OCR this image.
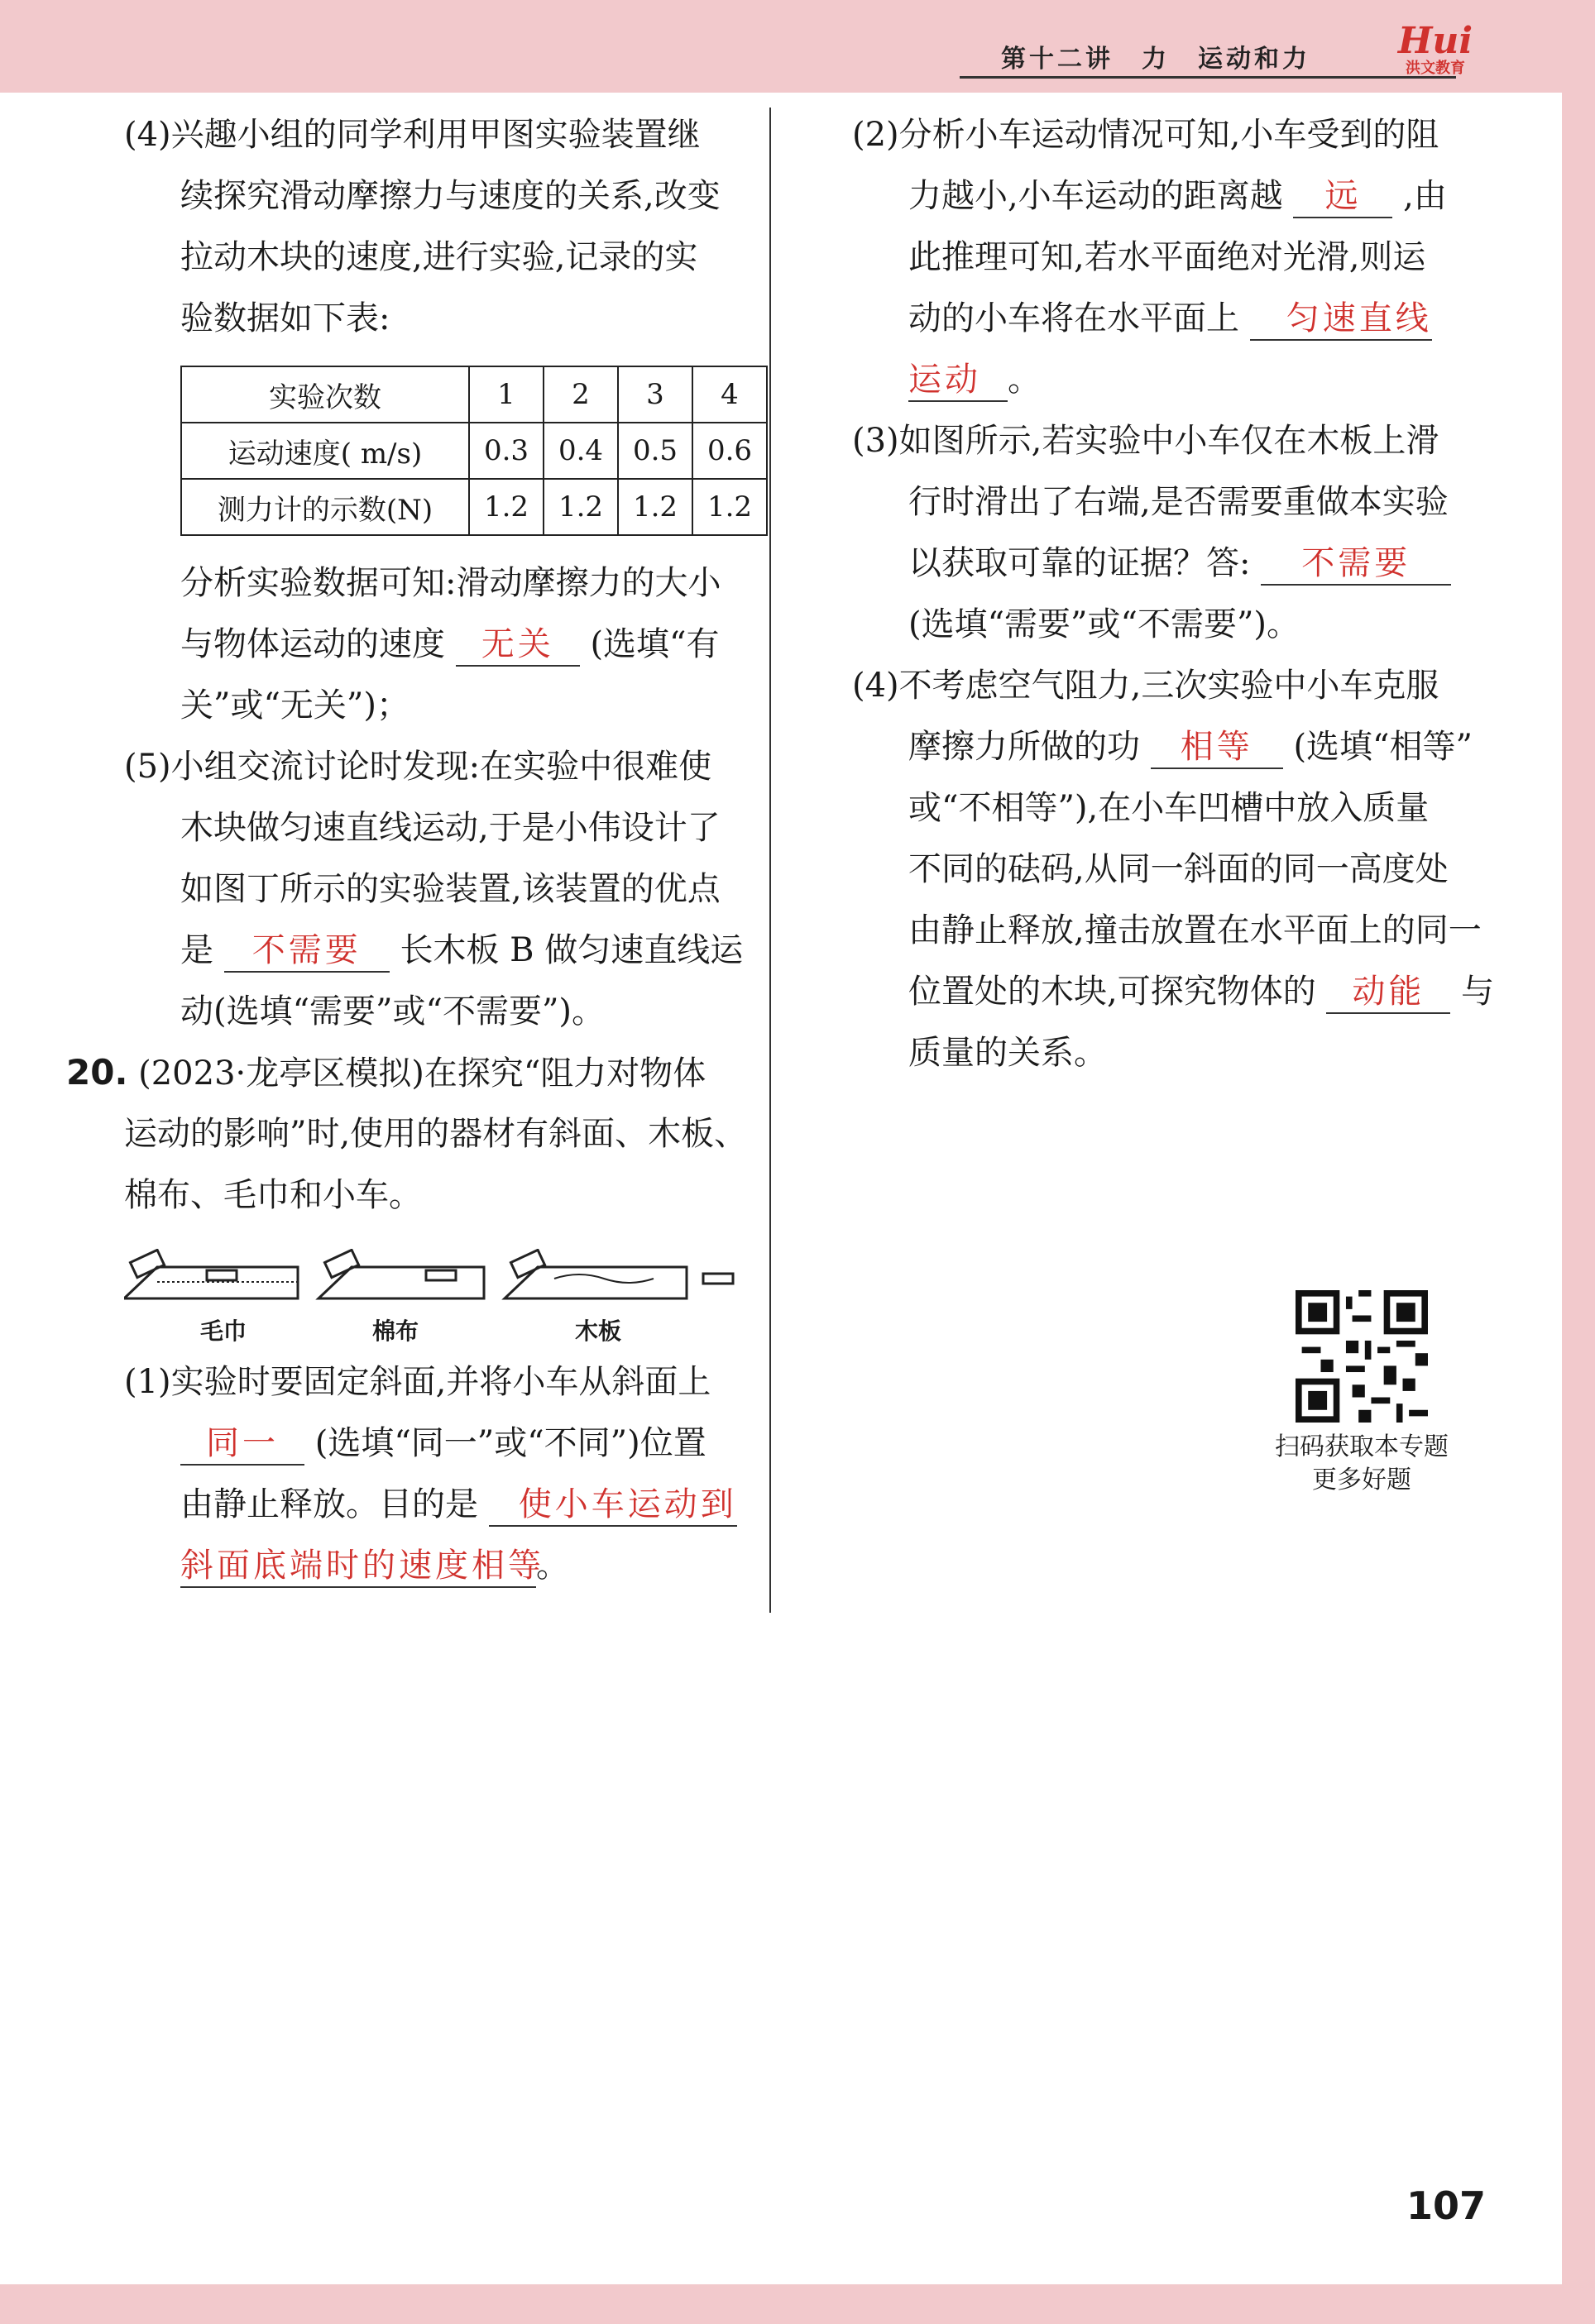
第十二讲　力　运动和力 Hui
洪文教育
(4)兴趣小组的同学利用甲图实验装置继
续探究滑动摩擦力与速度的关系,改变
拉动木块的速度,进行实验,记录的实
验数据如下表:
实验次数	1	2	3	4
运动速度( m/s)	0.3	0.4	0.5	0.6
测力计的示数(N)	1.2	1.2	1.2	1.2
分析实验数据可知:滑动摩擦力的大小
与物体运动的速度 无关 (选填“有
关”或“无关”)；
(5)小组交流讨论时发现:在实验中很难使
木块做匀速直线运动,于是小伟设计了
如图丁所示的实验装置,该装置的优点
是 不需要 长木板 B 做匀速直线运
动(选填“需要”或“不需要”)。
20. (2023·龙亭区模拟)在探究“阻力对物体
运动的影响”时,使用的器材有斜面、木板、
棉布、毛巾和小车。
毛巾	棉布	木板
(1)实验时要固定斜面,并将小车从斜面上
同一 (选填“同一”或“不同”)位置
由静止释放。目的是 使小车运动到
斜面底端时的速度相等。
(2)分析小车运动情况可知,小车受到的阻
力越小,小车运动的距离越 远 ,由
此推理可知,若水平面绝对光滑,则运
动的小车将在水平面上 匀速直线
运动 。
(3)如图所示,若实验中小车仅在木板上滑
行时滑出了右端,是否需要重做本实验
以获取可靠的证据？答: 不需要
(选填“需要”或“不需要”)。
(4)不考虑空气阻力,三次实验中小车克服
摩擦力所做的功 相等 (选填“相等”
或“不相等”),在小车凹槽中放入质量
不同的砝码,从同一斜面的同一高度处
由静止释放,撞击放置在水平面上的同一
位置处的木块,可探究物体的 动能 与
质量的关系。
扫码获取本专题
更多好题
107
